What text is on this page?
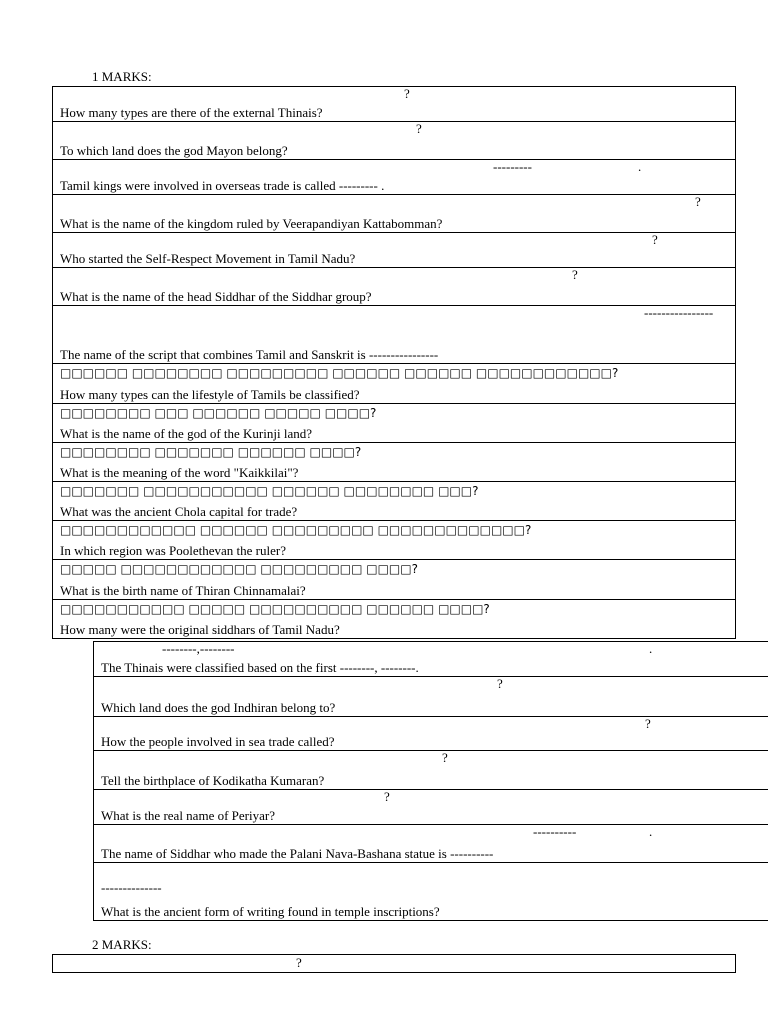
1 MARKS:
?
How many types are there of the external Thinais?

?
To which land does the god Mayon belong?

---------	.
Tamil kings were involved in overseas trade is called --------- .

?
What is the name of the kingdom ruled by Veerapandiyan Kattabomman?

?
Who started the Self-Respect Movement in Tamil Nadu?

?
What is the name of the head Siddhar of the Siddhar group?

----------------
The name of the script that combines Tamil and Sanskrit is ----------------

□□□□□□ □□□□□□□□ □□□□□□□□□ □□□□□□ □□□□□□ □□□□□□□□□□□□?
How many types can the lifestyle of Tamils be classified?

□□□□□□□□ □□□ □□□□□□ □□□□□ □□□□?
What is the name of the god of the Kurinji land?

□□□□□□□□ □□□□□□□ □□□□□□ □□□□?
What is the meaning of the word "Kaikkilai"?

□□□□□□□ □□□□□□□□□□□ □□□□□□ □□□□□□□□ □□□?
What was the ancient Chola capital for trade?

□□□□□□□□□□□□ □□□□□□ □□□□□□□□□ □□□□□□□□□□□□□?
In which region was Poolethevan the ruler?

□□□□□ □□□□□□□□□□□□ □□□□□□□□□ □□□□?
What is the birth name of Thiran Chinnamalai?

□□□□□□□□□□□ □□□□□ □□□□□□□□□□ □□□□□□ □□□□?
How many were the original siddhars of Tamil Nadu?
--------,--------	.
The Thinais were classified based on the first --------, --------.

?
Which land does the god Indhiran belong to?

?
How the people involved in sea trade called?

?
Tell the birthplace of Kodikatha Kumaran?

?
What is the real name of Periyar?

----------	.
The name of Siddhar who made the Palani Nava-Bashana statue is ----------

--------------
What is the ancient form of writing found in temple inscriptions?
2 MARKS:
?
